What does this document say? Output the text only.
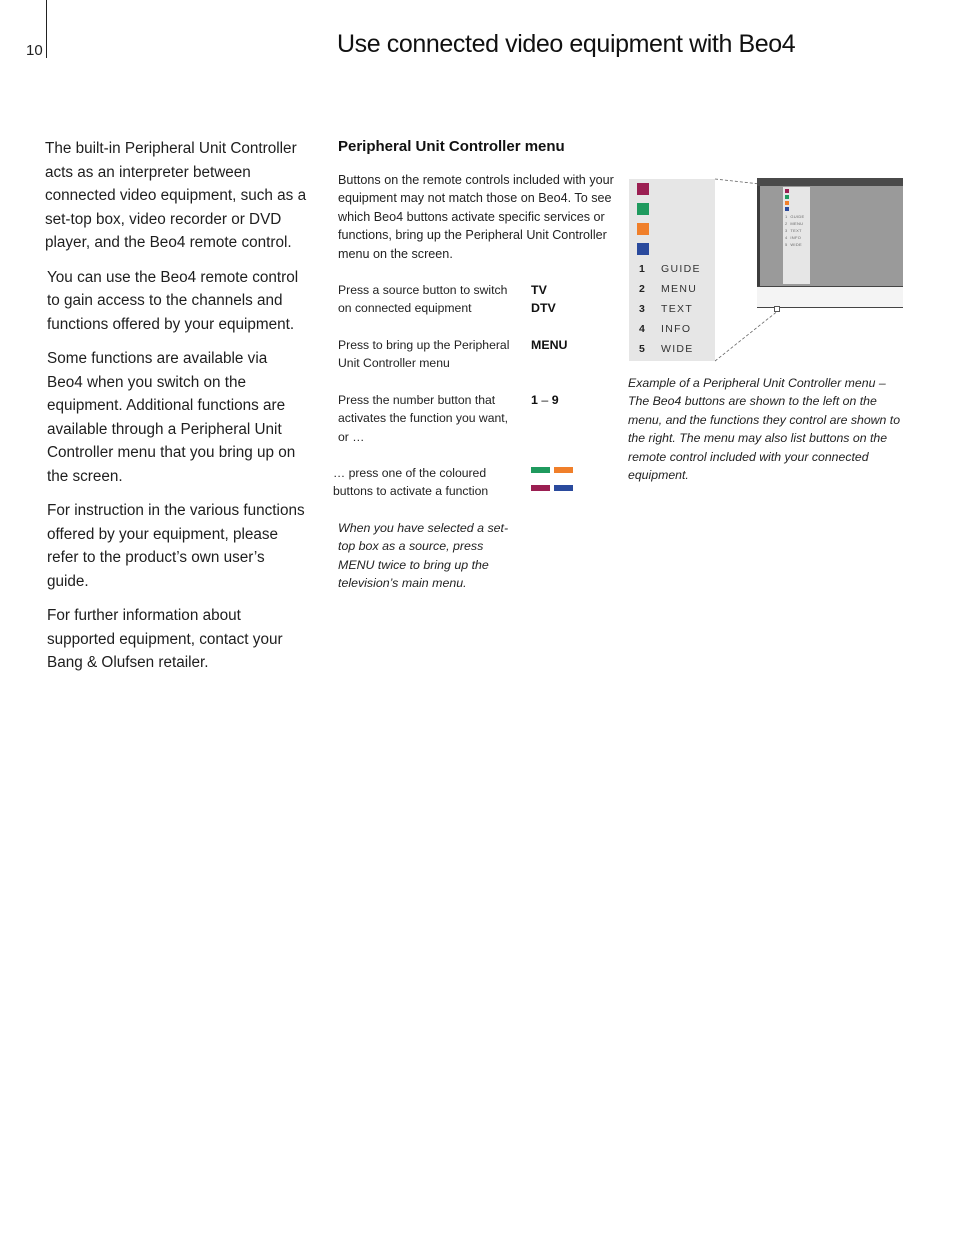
10	Use connected video equipment with Beo4

The built-in Peripheral Unit Controller acts as an interpreter between connected video equipment, such as a set-top box, video recorder or DVD player, and the Beo4 remote control.

You can use the Beo4 remote control to gain access to the channels and functions offered by your equipment.

Some functions are available via Beo4 when you switch on the equipment. Additional functions are available through a Peripheral Unit Controller menu that you bring up on the screen.

For instruction in the various functions offered by your equipment, please refer to the product’s own user’s guide.

For further information about supported equipment, contact your Bang & Olufsen retailer.

Peripheral Unit Controller menu

Buttons on the remote controls included with your equipment may not match those on Beo4. To see which Beo4 buttons activate specific services or functions, bring up the Peripheral Unit Controller menu on the screen.

Press a source button to switch on connected equipment
TV
DTV
Press to bring up the Peripheral Unit Controller menu
MENU
Press the number button that activates the function you want, or …
1 – 9
… press one of the coloured buttons to activate a function
When you have selected a set-top box as a source, press MENU twice to bring up the television’s main menu.
1 GUIDE
2 MENU
3 TEXT
4 INFO
5 WIDE
1 GUIDE
2 MENU
3 TEXT
4 INFO
5 WIDE

Example of a Peripheral Unit Controller menu – The Beo4 buttons are shown to the left on the menu, and the functions they control are shown to the right. The menu may also list buttons on the remote control included with your connected equipment.
